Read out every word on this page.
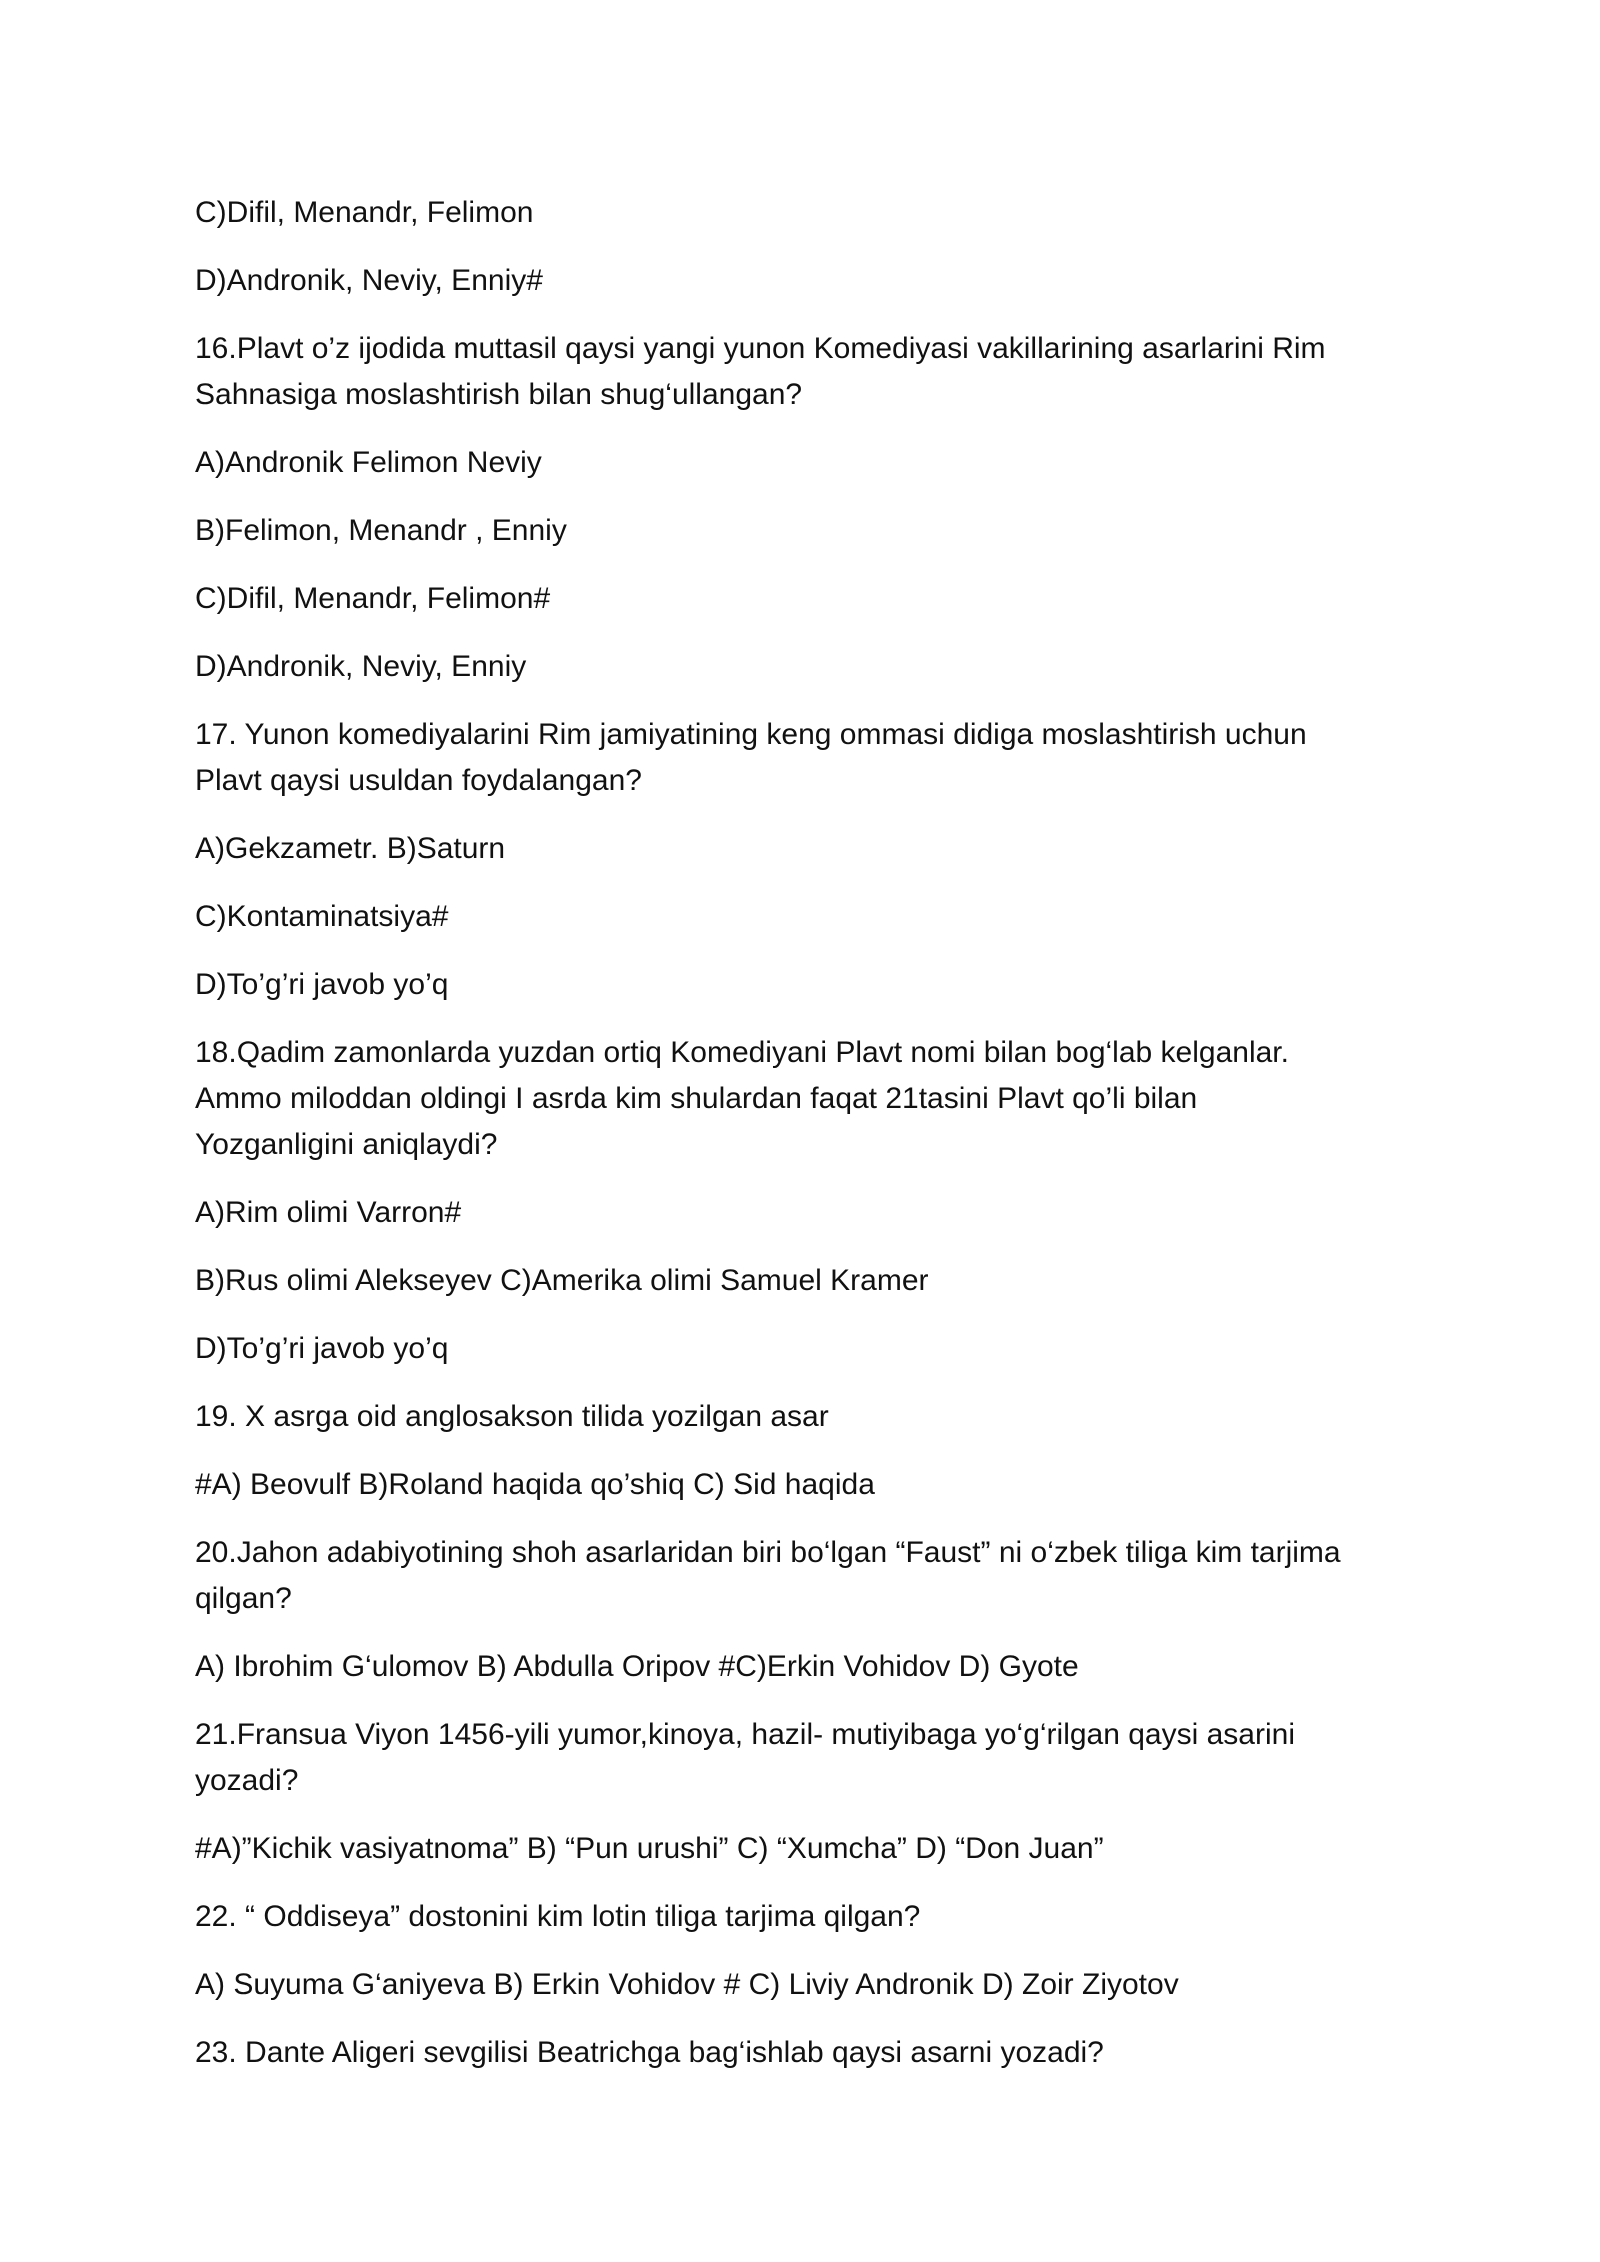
C)Difil, Menandr, Felimon
D)Andronik, Neviy, Enniy#
16.Plavt o’z ijodida muttasil qaysi yangi yunon Komediyasi vakillarining asarlarini Rim
Sahnasiga moslashtirish bilan shug‘ullangan?
A)Andronik Felimon Neviy
B)Felimon, Menandr , Enniy
C)Difil, Menandr, Felimon#
D)Andronik, Neviy, Enniy
17. Yunon komediyalarini Rim jamiyatining keng ommasi didiga moslashtirish uchun
Plavt qaysi usuldan foydalangan?
A)Gekzametr. B)Saturn
C)Kontaminatsiya#
D)To’g’ri javob yo’q
18.Qadim zamonlarda yuzdan ortiq Komediyani Plavt nomi bilan bog‘lab kelganlar.
Ammo miloddan oldingi I asrda kim shulardan faqat 21tasini Plavt qo’li bilan
Yozganligini aniqlaydi?
A)Rim olimi Varron#
B)Rus olimi Alekseyev C)Amerika olimi Samuel Kramer
D)To’g’ri javob yo’q
19. X asrga oid anglosakson tilida yozilgan asar
#A) Beovulf B)Roland haqida qo’shiq C) Sid haqida
20.Jahon adabiyotining shoh asarlaridan biri bo‘lgan “Faust” ni o‘zbek tiliga kim tarjima
qilgan?
A) Ibrohim G‘ulomov B) Abdulla Oripov #C)Erkin Vohidov D) Gyote
21.Fransua Viyon 1456-yili yumor,kinoya, hazil- mutiyibaga yo‘g‘rilgan qaysi asarini
yozadi?
#A)”Kichik vasiyatnoma” B) “Pun urushi” C) “Xumcha” D) “Don Juan”
22. “ Oddiseya” dostonini kim lotin tiliga tarjima qilgan?
A) Suyuma G‘aniyeva B) Erkin Vohidov # C) Liviy Andronik D) Zoir Ziyotov
23. Dante Aligeri sevgilisi Beatrichga bag‘ishlab qaysi asarni yozadi?
